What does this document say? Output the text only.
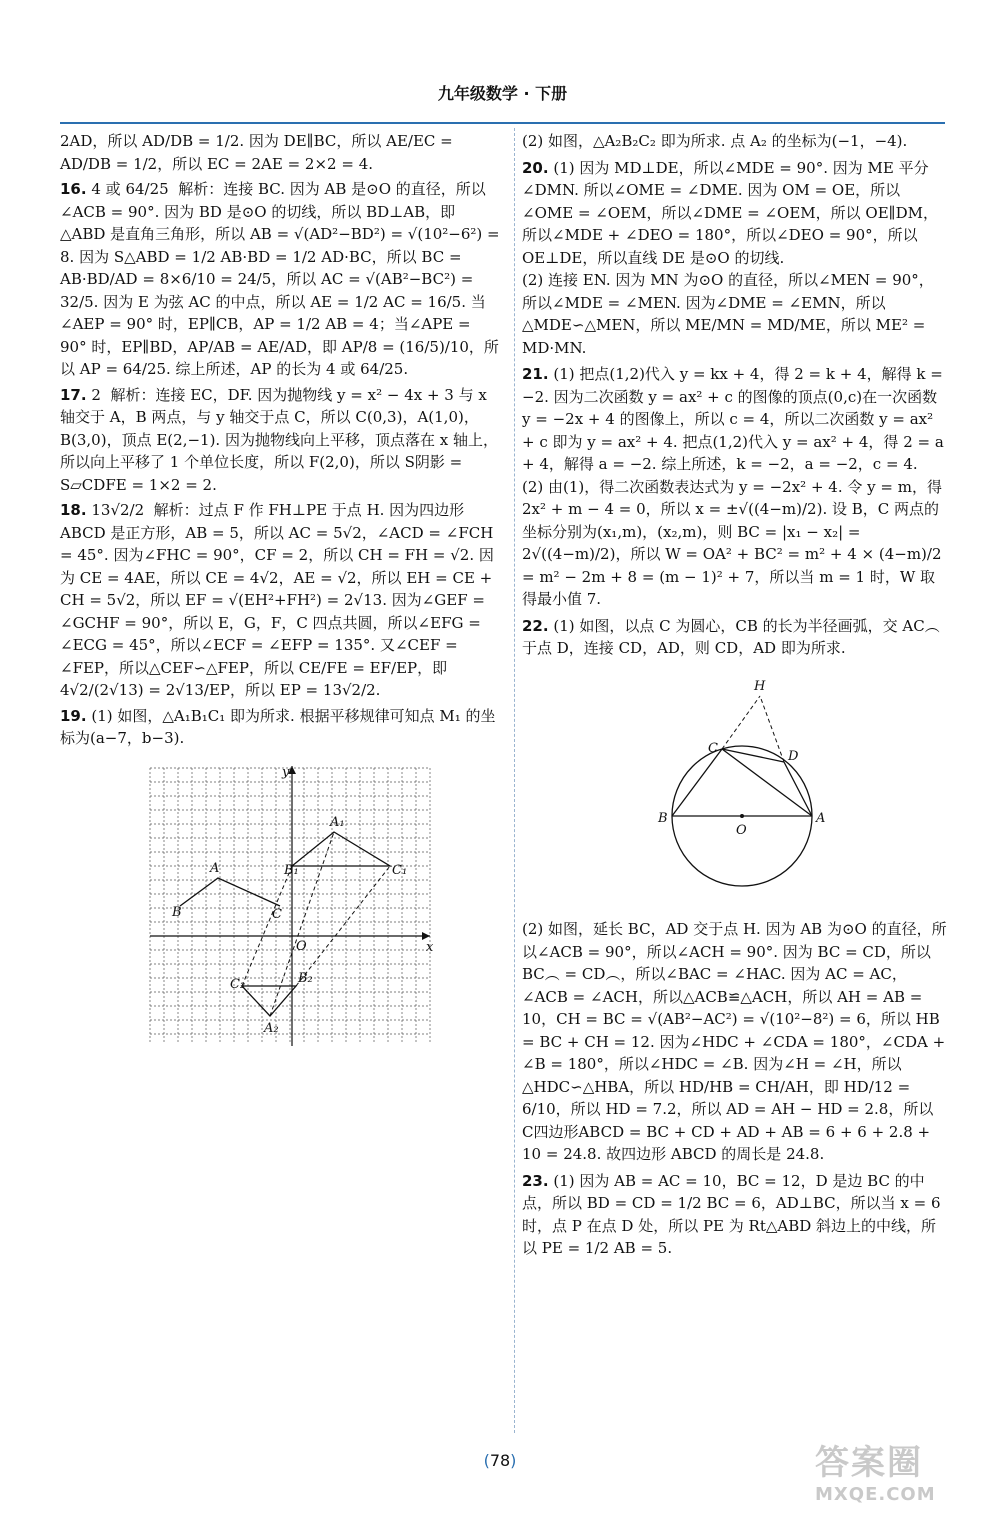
九年级数学 · 下册

2AD，所以 AD/DB = 1/2. 因为 DE∥BC，所以 AE/EC = AD/DB = 1/2，所以 EC = 2AE = 2×2 = 4.

16. 4 或 64/25  解析：连接 BC. 因为 AB 是⊙O 的直径，所以 ∠ACB = 90°. 因为 BD 是⊙O 的切线，所以 BD⊥AB，即△ABD 是直角三角形，所以 AB = √(AD²−BD²) = √(10²−6²) = 8. 因为 S△ABD = 1/2 AB·BD = 1/2 AD·BC，所以 BC = AB·BD/AD = 8×6/10 = 24/5，所以 AC = √(AB²−BC²) = 32/5. 因为 E 为弦 AC 的中点，所以 AE = 1/2 AC = 16/5. 当∠AEP = 90° 时，EP∥CB，AP = 1/2 AB = 4；当∠APE = 90° 时，EP∥BD，AP/AB = AE/AD，即 AP/8 = (16/5)/10，所以 AP = 64/25. 综上所述，AP 的长为 4 或 64/25.

17. 2  解析：连接 EC，DF. 因为抛物线 y = x² − 4x + 3 与 x 轴交于 A，B 两点，与 y 轴交于点 C，所以 C(0,3)，A(1,0)，B(3,0)，顶点 E(2,−1). 因为抛物线向上平移，顶点落在 x 轴上，所以向上平移了 1 个单位长度，所以 F(2,0)，所以 S阴影 = S▱CDFE = 1×2 = 2.

18. 13√2/2  解析：过点 F 作 FH⊥PE 于点 H. 因为四边形 ABCD 是正方形，AB = 5，所以 AC = 5√2，∠ACD = ∠FCH = 45°. 因为∠FHC = 90°，CF = 2，所以 CH = FH = √2. 因为 CE = 4AE，所以 CE = 4√2，AE = √2，所以 EH = CE + CH = 5√2，所以 EF = √(EH²+FH²) = 2√13. 因为∠GEF = ∠GCHF = 90°，所以 E，G，F，C 四点共圆，所以∠EFG = ∠ECG = 45°，所以∠ECF = ∠EFP = 135°. 又∠CEF = ∠FEP，所以△CEF∽△FEP，所以 CE/FE = EF/EP，即 4√2/(2√13) = 2√13/EP，所以 EP = 13√2/2.

19. (1) 如图，△A₁B₁C₁ 即为所求. 根据平移规律可知点 M₁ 的坐标为(a−7，b−3).

x
y
O
A
B	C
A₁
B₁	C₁
A₂
B₂
C₂

(2) 如图，△A₂B₂C₂ 即为所求. 点 A₂ 的坐标为(−1，−4).

20. (1) 因为 MD⊥DE，所以∠MDE = 90°. 因为 ME 平分∠DMN. 所以∠OME = ∠DME. 因为 OM = OE，所以∠OME = ∠OEM，所以∠DME = ∠OEM，所以 OE∥DM，所以∠MDE + ∠DEO = 180°，所以∠DEO = 90°，所以 OE⊥DE，所以直线 DE 是⊙O 的切线.
(2) 连接 EN. 因为 MN 为⊙O 的直径，所以∠MEN = 90°，所以∠MDE = ∠MEN. 因为∠DME = ∠EMN，所以△MDE∽△MEN，所以 ME/MN = MD/ME，所以 ME² = MD·MN.

21. (1) 把点(1,2)代入 y = kx + 4，得 2 = k + 4，解得 k = −2. 因为二次函数 y = ax² + c 的图像的顶点(0,c)在一次函数 y = −2x + 4 的图像上，所以 c = 4，所以二次函数 y = ax² + c 即为 y = ax² + 4. 把点(1,2)代入 y = ax² + 4，得 2 = a + 4，解得 a = −2. 综上所述，k = −2，a = −2，c = 4.
(2) 由(1)，得二次函数表达式为 y = −2x² + 4. 令 y = m，得 2x² + m − 4 = 0，所以 x = ±√((4−m)/2). 设 B，C 两点的坐标分别为(x₁,m)，(x₂,m)，则 BC = |x₁ − x₂| = 2√((4−m)/2)，所以 W = OA² + BC² = m² + 4 × (4−m)/2 = m² − 2m + 8 = (m − 1)² + 7，所以当 m = 1 时，W 取得最小值 7.

22. (1) 如图，以点 C 为圆心，CB 的长为半径画弧，交 AC︵ 于点 D，连接 CD，AD，则 CD，AD 即为所求.

H
C
D
B
O
A

(2) 如图，延长 BC，AD 交于点 H. 因为 AB 为⊙O 的直径，所以∠ACB = 90°，所以∠ACH = 90°. 因为 BC = CD，所以 BC︵ = CD︵，所以∠BAC = ∠HAC. 因为 AC = AC，∠ACB = ∠ACH，所以△ACB≌△ACH，所以 AH = AB = 10，CH = BC = √(AB²−AC²) = √(10²−8²) = 6，所以 HB = BC + CH = 12. 因为∠HDC + ∠CDA = 180°，∠CDA + ∠B = 180°，所以∠HDC = ∠B. 因为∠H = ∠H，所以△HDC∽△HBA，所以 HD/HB = CH/AH，即 HD/12 = 6/10，所以 HD = 7.2，所以 AD = AH − HD = 2.8，所以 C四边形ABCD = BC + CD + AD + AB = 6 + 6 + 2.8 + 10 = 24.8. 故四边形 ABCD 的周长是 24.8.

23. (1) 因为 AB = AC = 10，BC = 12，D 是边 BC 的中点，所以 BD = CD = 1/2 BC = 6，AD⊥BC，所以当 x = 6 时，点 P 在点 D 处，所以 PE 为 Rt△ABD 斜边上的中线，所以 PE = 1/2 AB = 5.

(78)	答案圈
MXQE.COM
